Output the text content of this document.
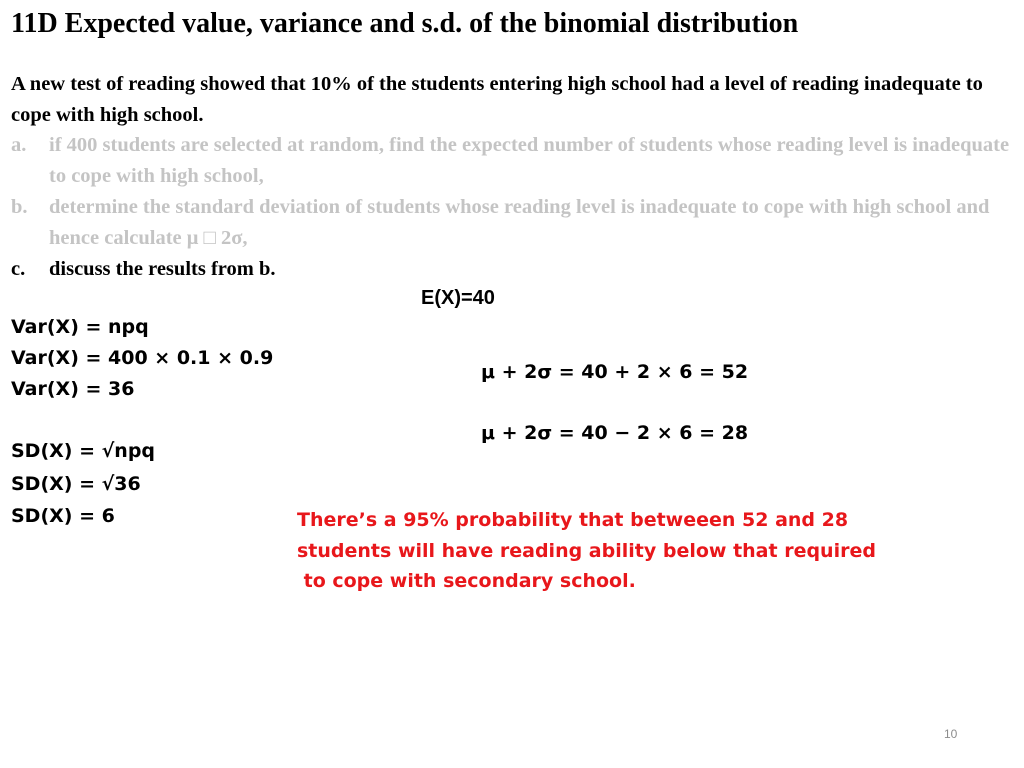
11D Expected value, variance and s.d. of the binomial distribution
A new test of reading showed that 10% of the students entering high school had a level of reading inadequate to cope with high school.
a. if 400 students are selected at random, find the expected number of students whose reading level is inadequate to cope with high school,
b. determine the standard deviation of students whose reading level is inadequate to cope with high school and hence calculate μ □ 2σ,
c. discuss the results from b.
E(X)=40
Var(X) = npq
Var(X) = 400 × 0.1 × 0.9
Var(X) = 36
SD(X) = √npq
SD(X) = √36
SD(X) = 6
μ + 2σ = 40 + 2 × 6 = 52
μ + 2σ = 40 − 2 × 6 = 28
There’s a 95% probability that betweeen 52 and 28
students will have reading ability below that required
to cope with secondary school.
10
